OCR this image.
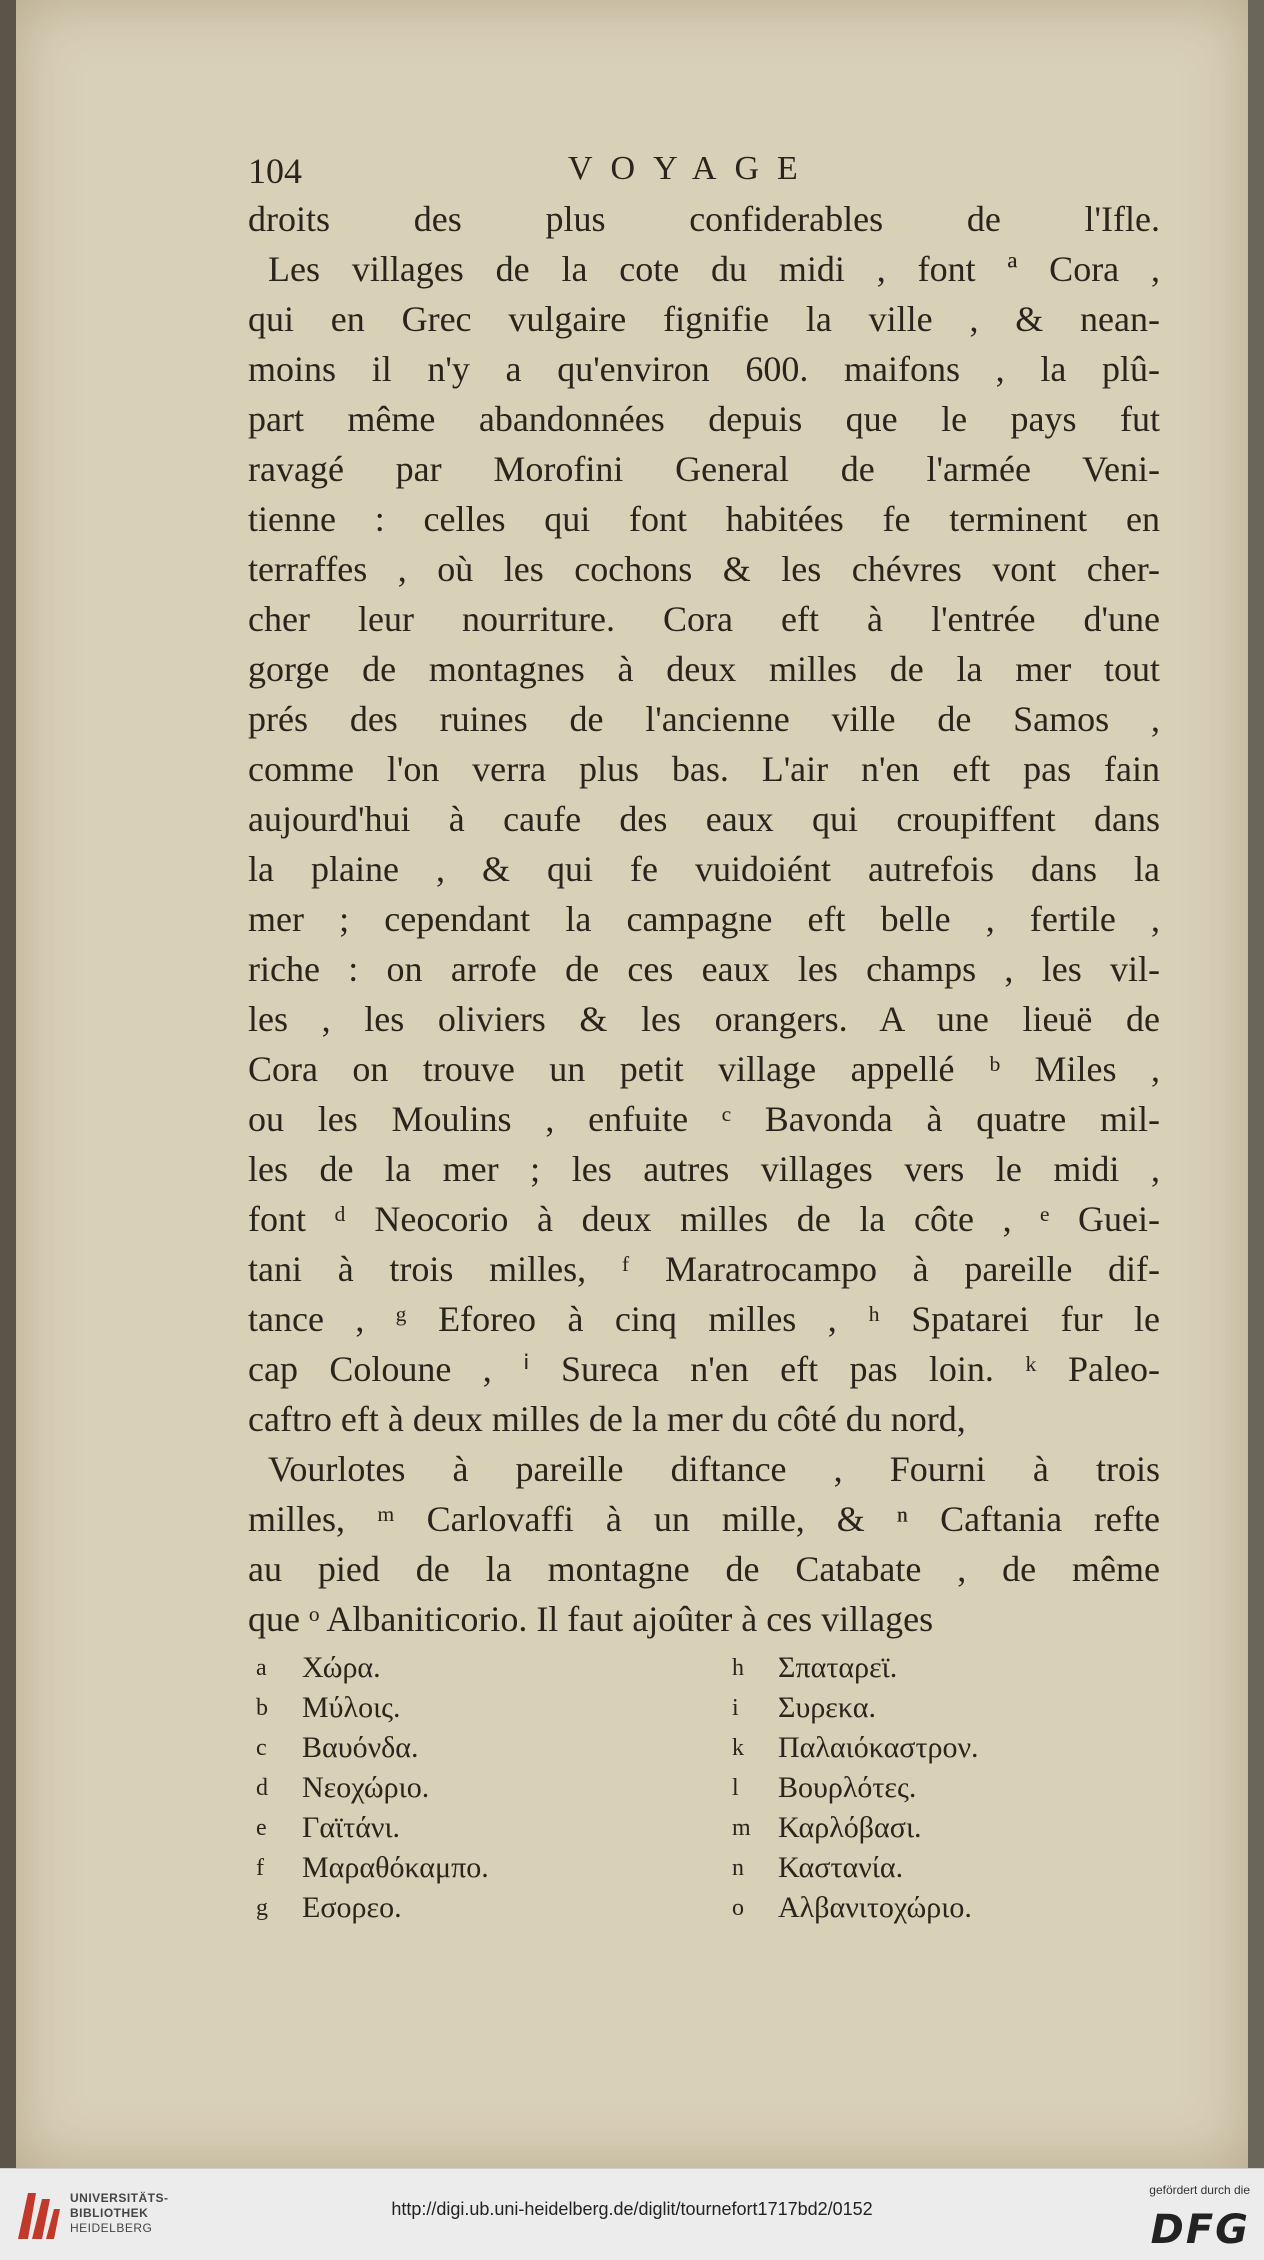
104	VOYAGE
droits des plus confiderables de l'Ifle.
Les villages de la cote du midi , font ª Cora ,
qui en Grec vulgaire fignifie la ville , & nean-
moins il n'y a qu'environ 600. maifons , la plû-
part même abandonnées depuis que le pays fut
ravagé par Morofini General de l'armée Veni-
tienne : celles qui font habitées fe terminent en
terraffes , où les cochons & les chévres vont cher-
cher leur nourriture. Cora eft à l'entrée d'une
gorge de montagnes à deux milles de la mer tout
prés des ruines de l'ancienne ville de Samos ,
comme l'on verra plus bas. L'air n'en eft pas fain
aujourd'hui à caufe des eaux qui croupiffent dans
la plaine , & qui fe vuidoiént autrefois dans la
mer ; cependant la campagne eft belle , fertile ,
riche : on arrofe de ces eaux les champs , les vil-
les , les oliviers & les orangers. A une lieuë de
Cora on trouve un petit village appellé ᵇ Miles ,
ou les Moulins , enfuite ᶜ Bavonda à quatre mil-
les de la mer ; les autres villages vers le midi ,
font ᵈ Neocorio à deux milles de la côte , ᵉ Guei-
tani à trois milles, ᶠ Maratrocampo à pareille dif-
tance , ᵍ Eforeo à cinq milles , ʰ Spatarei fur le
cap Coloune , ⁱ Sureca n'en eft pas loin. ᵏ Paleo-
caftro eft à deux milles de la mer du côté du nord,
Vourlotes à pareille diftance , Fourni à trois
milles, ᵐ Carlovaffi à un mille, & ⁿ Caftania refte
au pied de la montagne de Catabate , de même
que ᵒ Albaniticorio. Il faut ajoûter à ces villages
a Χώρα.
b Μύλοις.
c Βαυόνδα.
d Νεοχώριο.
e Γαϊτάνι.
f Μαραθόκαμπο.
g Εσορεο.
h Σπαταρεϊ.
i Συρεκα.
k Παλαιόκαστρον.
l Βουρλότες.
m Καρλόβασι.
n Καστανία.
o Αλβανιτοχώριο.
UNIVERSITÄTS-
BIBLIOTHEK
HEIDELBERG
http://digi.ub.uni-heidelberg.de/diglit/tournefort1717bd2/0152
gefördert durch die
DFG
